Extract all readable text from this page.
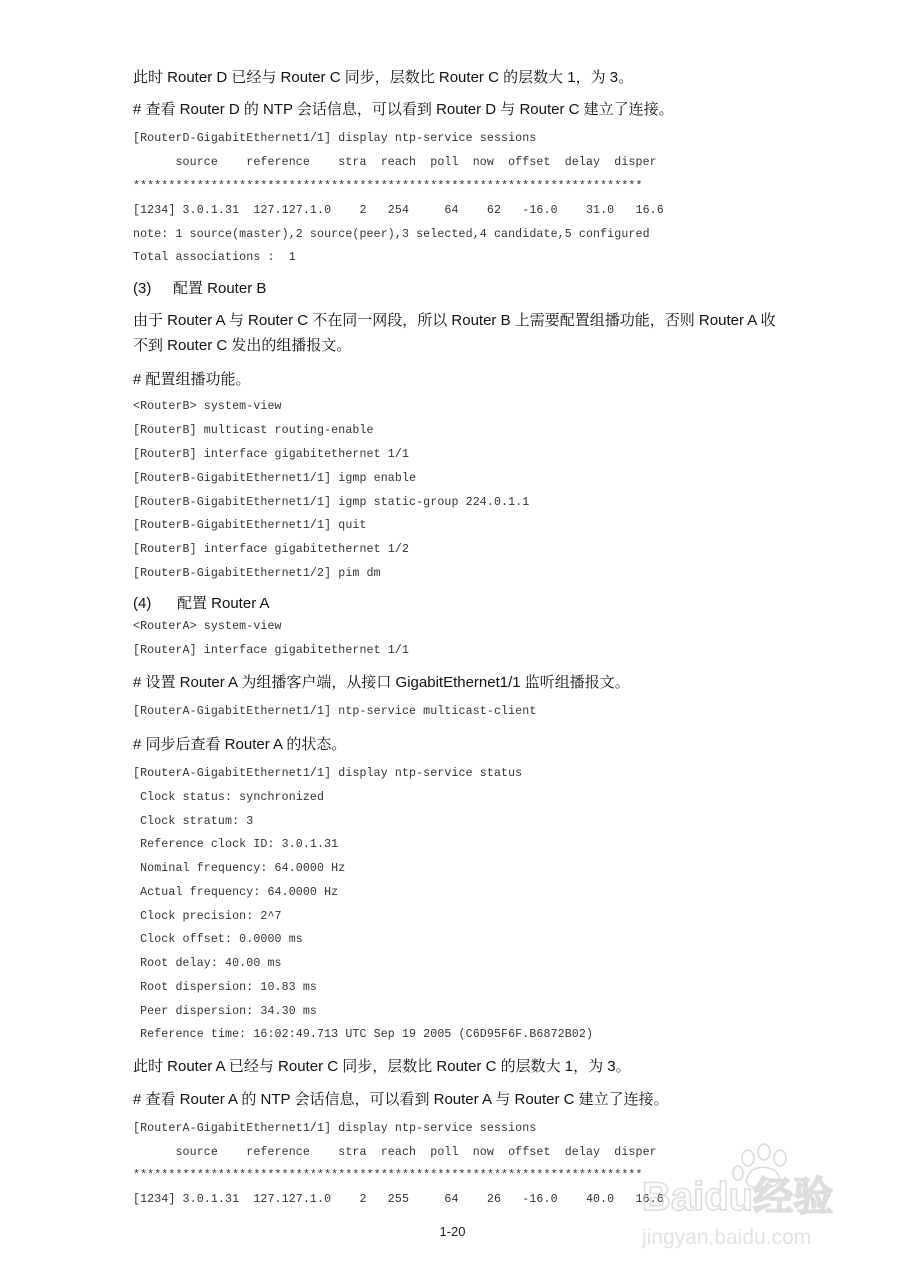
此时 Router D 已经与 Router C 同步，层数比 Router C 的层数大 1，为 3。
# 查看 Router D 的 NTP 会话信息，可以看到 Router D 与 Router C 建立了连接。
[RouterD-GigabitEthernet1/1] display ntp-service sessions
source    reference    stra  reach  poll  now  offset  delay  disper
************************************************************************
[1234] 3.0.1.31  127.127.1.0    2   254     64    62   -16.0    31.0   16.6
note: 1 source(master),2 source(peer),3 selected,4 candidate,5 configured
Total associations :  1
(3) 配置 Router B
由于 Router A 与 Router C 不在同一网段，所以 Router B 上需要配置组播功能，否则 Router A 收
不到 Router C 发出的组播报文。
# 配置组播功能。
<RouterB> system-view
[RouterB] multicast routing-enable
[RouterB] interface gigabitethernet 1/1
[RouterB-GigabitEthernet1/1] igmp enable
[RouterB-GigabitEthernet1/1] igmp static-group 224.0.1.1
[RouterB-GigabitEthernet1/1] quit
[RouterB] interface gigabitethernet 1/2
[RouterB-GigabitEthernet1/2] pim dm
(4) 配置 Router A
<RouterA> system-view
[RouterA] interface gigabitethernet 1/1
# 设置 Router A 为组播客户端，从接口 GigabitEthernet1/1 监听组播报文。
[RouterA-GigabitEthernet1/1] ntp-service multicast-client
# 同步后查看 Router A 的状态。
[RouterA-GigabitEthernet1/1] display ntp-service status
Clock status: synchronized
Clock stratum: 3
Reference clock ID: 3.0.1.31
Nominal frequency: 64.0000 Hz
Actual frequency: 64.0000 Hz
Clock precision: 2^7
Clock offset: 0.0000 ms
Root delay: 40.00 ms
Root dispersion: 10.83 ms
Peer dispersion: 34.30 ms
Reference time: 16:02:49.713 UTC Sep 19 2005 (C6D95F6F.B6872B02)
此时 Router A 已经与 Router C 同步，层数比 Router C 的层数大 1，为 3。
# 查看 Router A 的 NTP 会话信息，可以看到 Router A 与 Router C 建立了连接。
[RouterA-GigabitEthernet1/1] display ntp-service sessions
source    reference    stra  reach  poll  now  offset  delay  disper
************************************************************************
[1234] 3.0.1.31  127.127.1.0    2   255     64    26   -16.0    40.0   16.6
1-20
Baidu经验
jingyan.baidu.com
